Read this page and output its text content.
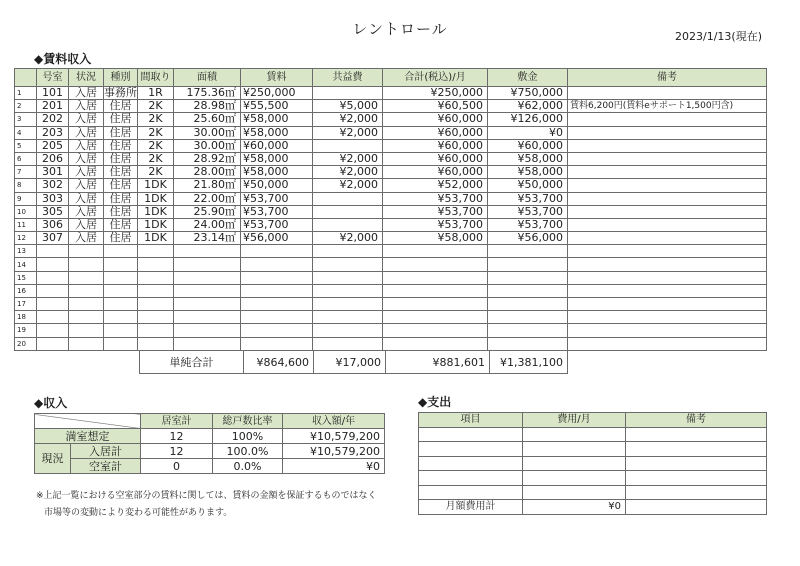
レントロール	2023/1/13(現在)
◆賃料収入
	号室	状況	種別	間取り	面積	賃料	共益費	合計(税込)/月	敷金	備考
1	101	入居	事務所	1R	175.36㎡	¥250,000		¥250,000	¥750,000	
2	201	入居	住居	2K	28.98㎡	¥55,500	¥5,000	¥60,500	¥62,000	賃料6,200円(賃料eサポート1,500円含)
3	202	入居	住居	2K	25.60㎡	¥58,000	¥2,000	¥60,000	¥126,000	
4	203	入居	住居	2K	30.00㎡	¥58,000	¥2,000	¥60,000	¥0	
5	205	入居	住居	2K	30.00㎡	¥60,000		¥60,000	¥60,000	
6	206	入居	住居	2K	28.92㎡	¥58,000	¥2,000	¥60,000	¥58,000	
7	301	入居	住居	2K	28.00㎡	¥58,000	¥2,000	¥60,000	¥58,000	
8	302	入居	住居	1DK	21.80㎡	¥50,000	¥2,000	¥52,000	¥50,000	
9	303	入居	住居	1DK	22.00㎡	¥53,700		¥53,700	¥53,700	
10	305	入居	住居	1DK	25.90㎡	¥53,700		¥53,700	¥53,700	
11	306	入居	住居	1DK	24.00㎡	¥53,700		¥53,700	¥53,700	
12	307	入居	住居	1DK	23.14㎡	¥56,000	¥2,000	¥58,000	¥56,000	
13										
14										
15										
16										
17										
18										
19										
20										
単純合計	¥864,600	¥17,000	¥881,601	¥1,381,100
◆収入
		居室計	総戸数比率	収入額/年
満室想定		12	100%	¥10,579,200
現況	入居計	12	100.0%	¥10,579,200
	空室計	0	0.0%	¥0
◆支出
項目	費用/月	備考

月額費用計	¥0	
※上記一覧における空室部分の賃料に関しては、賃料の金額を保証するものではなく
市場等の変動により変わる可能性があります。
